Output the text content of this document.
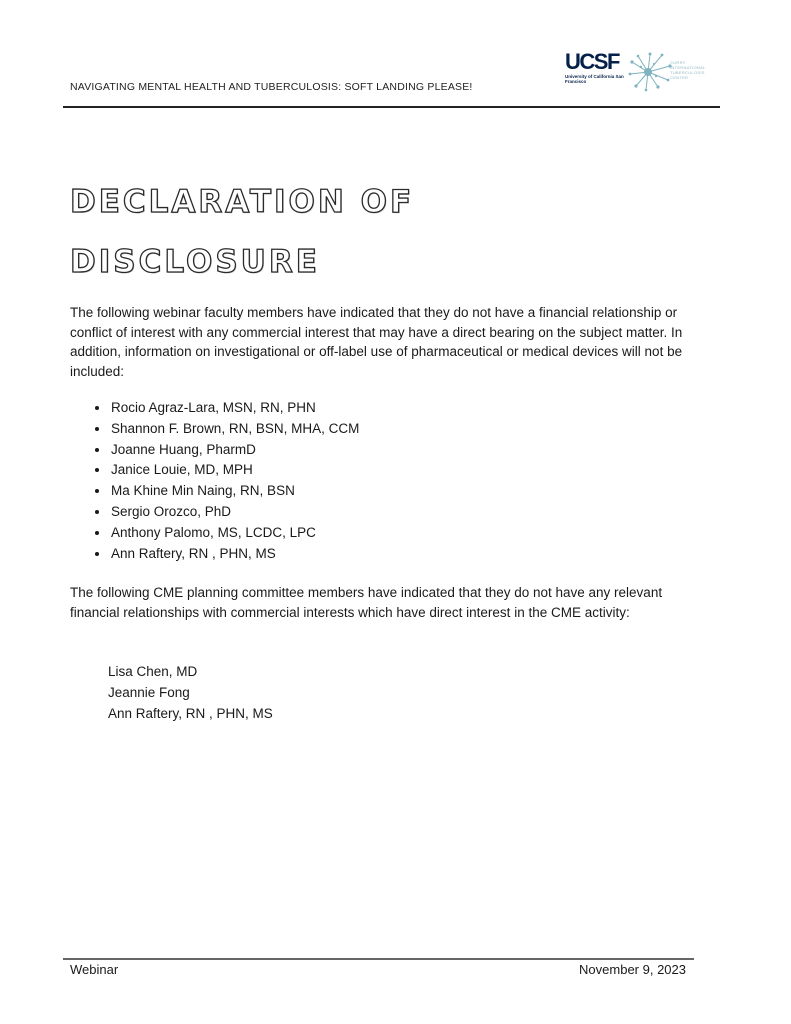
NAVIGATING MENTAL HEALTH AND TUBERCULOSIS: SOFT LANDING PLEASE!
UCSF
University of California San Francisco
CURRY INTERNATIONAL TUBERCULOSIS CENTER
DECLARATION OF
DISCLOSURE

The following webinar faculty members have indicated that they do not have a financial relationship or conflict of interest with any commercial interest that may have a direct bearing on the subject matter. In addition, information on investigational or off-label use of pharmaceutical or medical devices will not be included:

• Rocio Agraz-Lara, MSN, RN, PHN
• Shannon F. Brown, RN, BSN, MHA, CCM
• Joanne Huang, PharmD
• Janice Louie, MD, MPH
• Ma Khine Min Naing, RN, BSN
• Sergio Orozco, PhD
• Anthony Palomo, MS, LCDC, LPC
• Ann Raftery, RN , PHN, MS

The following CME planning committee members have indicated that they do not have any relevant financial relationships with commercial interests which have direct interest in the CME activity:

Lisa Chen, MD
Jeannie Fong
Ann Raftery, RN , PHN, MS
Webinar	November 9, 2023
